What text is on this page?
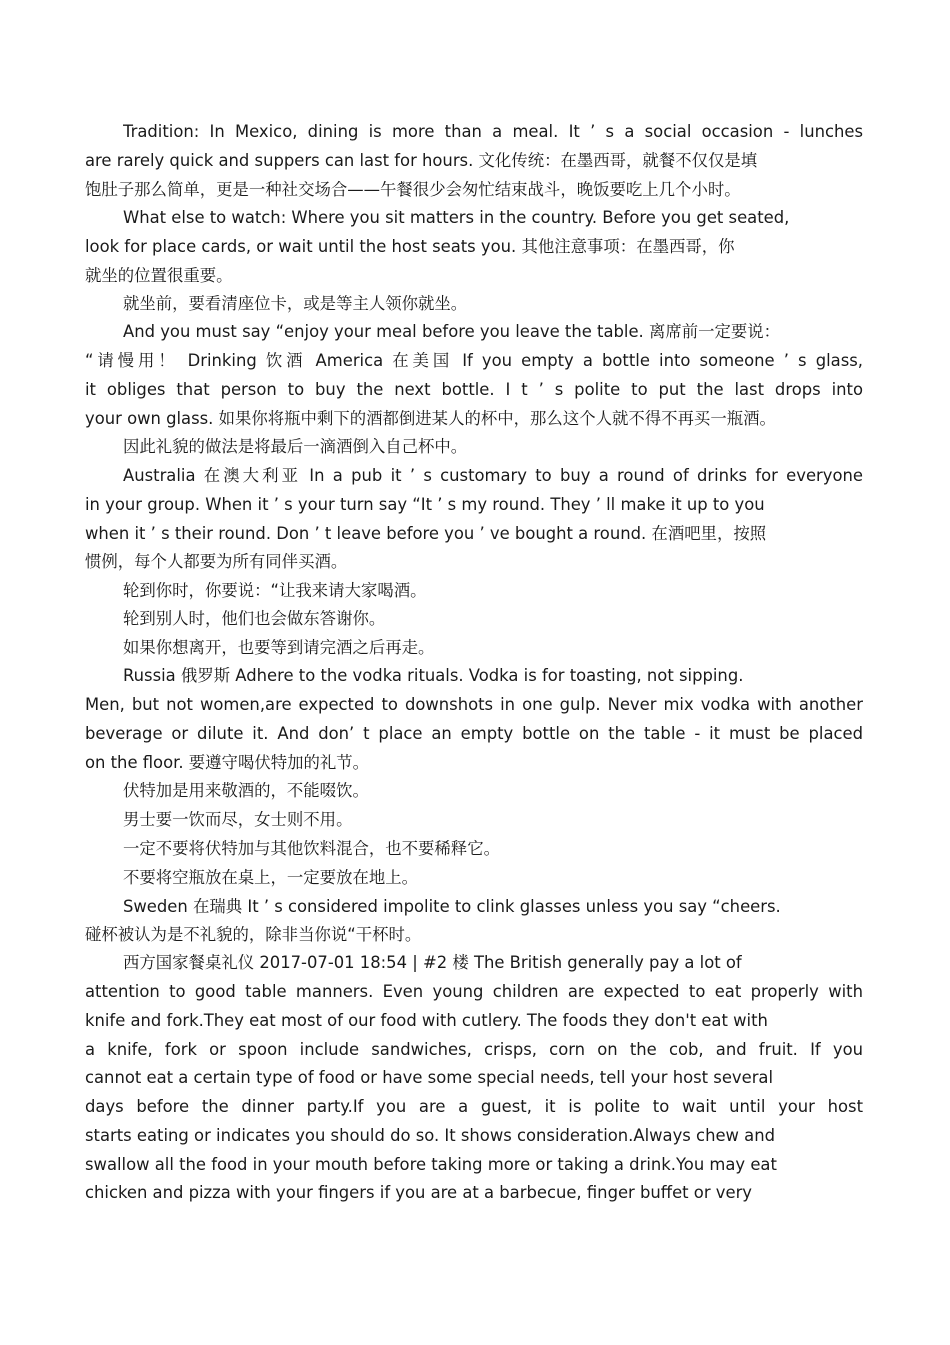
Tradition: In Mexico, dining is more than a meal. It ’ s a social occasion - lunches
are rarely quick and suppers can last for hours. 文化传统：在墨西哥，就餐不仅仅是填
饱肚子那么简单，更是一种社交场合——午餐很少会匆忙结束战斗，晚饭要吃上几个小时。
What else to watch: Where you sit matters in the country. Before you get seated,
look for place cards, or wait until the host seats you. 其他注意事项：在墨西哥，你
就坐的位置很重要。
就坐前，要看清座位卡，或是等主人领你就坐。
And you must say “enjoy your meal before you leave the table. 离席前一定要说：
“请慢用！ Drinking 饮酒 America 在美国 If you empty a bottle into someone ’ s glass,
it obliges that person to buy the next bottle. I t ’ s polite to put the last drops into
your own glass. 如果你将瓶中剩下的酒都倒进某人的杯中，那么这个人就不得不再买一瓶酒。
因此礼貌的做法是将最后一滴酒倒入自己杯中。
Australia 在澳大利亚 In a pub it ’ s customary to buy a round of drinks for everyone
in your group. When it ’ s your turn say “It ’ s my round. They ’ ll make it up to you
when it ’ s their round. Don ’ t leave before you ’ ve bought a round. 在酒吧里，按照
惯例，每个人都要为所有同伴买酒。
轮到你时，你要说：“让我来请大家喝酒。
轮到别人时，他们也会做东答谢你。
如果你想离开，也要等到请完酒之后再走。
Russia 俄罗斯 Adhere to the vodka rituals. Vodka is for toasting, not sipping.
Men, but not women,are expected to downshots in one gulp. Never mix vodka with another
beverage or dilute it. And don’ t place an empty bottle on the table - it must be placed
on the floor. 要遵守喝伏特加的礼节。
伏特加是用来敬酒的，不能啜饮。
男士要一饮而尽，女士则不用。
一定不要将伏特加与其他饮料混合，也不要稀释它。
不要将空瓶放在桌上，一定要放在地上。
Sweden 在瑞典 It ’ s considered impolite to clink glasses unless you say “cheers.
碰杯被认为是不礼貌的，除非当你说“干杯时。
西方国家餐桌礼仪 2017-07-01 18:54 | #2 楼 The British generally pay a lot of
attention to good table manners. Even young children are expected to eat properly with
knife and fork.They eat most of our food with cutlery. The foods they don't eat with
a knife, fork or spoon include sandwiches, crisps, corn on the cob, and fruit. If you
cannot eat a certain type of food or have some special needs, tell your host several
days before the dinner party.If you are a guest, it is polite to wait until your host
starts eating or indicates you should do so. It shows consideration.Always chew and
swallow all the food in your mouth before taking more or taking a drink.You may eat
chicken and pizza with your fingers if you are at a barbecue, finger buffet or very
